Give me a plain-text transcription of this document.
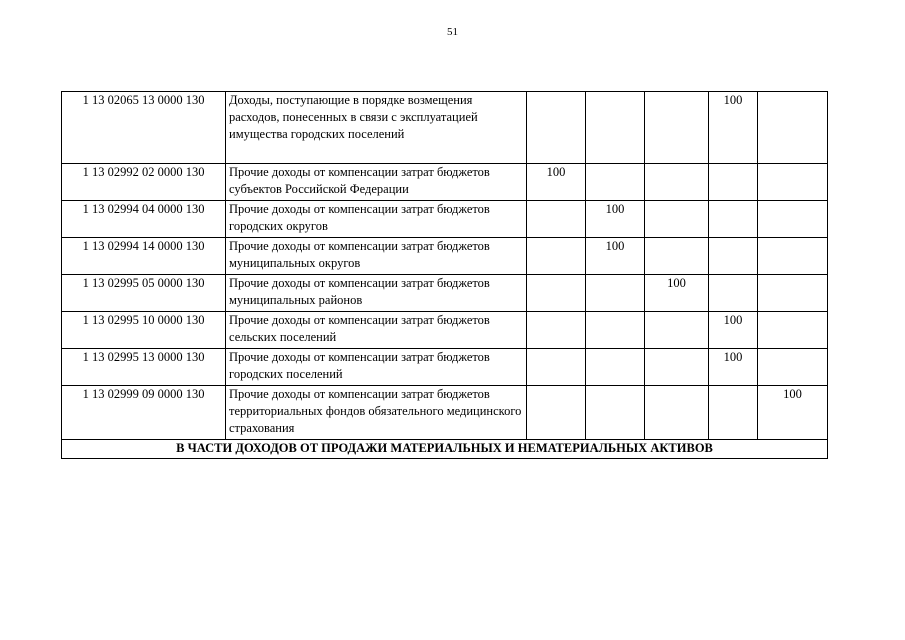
51
1 13 02065 13 0000 130	Доходы, поступающие в порядке возмещения расходов, понесенных в связи с эксплуатацией имущества городских поселений				100	
1 13 02992 02 0000 130	Прочие доходы от компенсации затрат бюджетов субъектов Российской Федерации	100				
1 13 02994 04 0000 130	Прочие доходы от компенсации затрат бюджетов городских округов		100			
1 13 02994 14 0000 130	Прочие доходы от компенсации затрат бюджетов муниципальных округов		100			
1 13 02995 05 0000 130	Прочие доходы от компенсации затрат бюджетов муниципальных районов			100		
1 13 02995 10 0000 130	Прочие доходы от компенсации затрат бюджетов сельских поселений				100	
1 13 02995 13 0000 130	Прочие доходы от компенсации затрат бюджетов городских поселений				100	
1 13 02999 09 0000 130	Прочие доходы от компенсации затрат бюджетов территориальных фондов обязательного медицинского страхования					100
В ЧАСТИ ДОХОДОВ ОТ ПРОДАЖИ МАТЕРИАЛЬНЫХ И НЕМАТЕРИАЛЬНЫХ АКТИВОВ						
